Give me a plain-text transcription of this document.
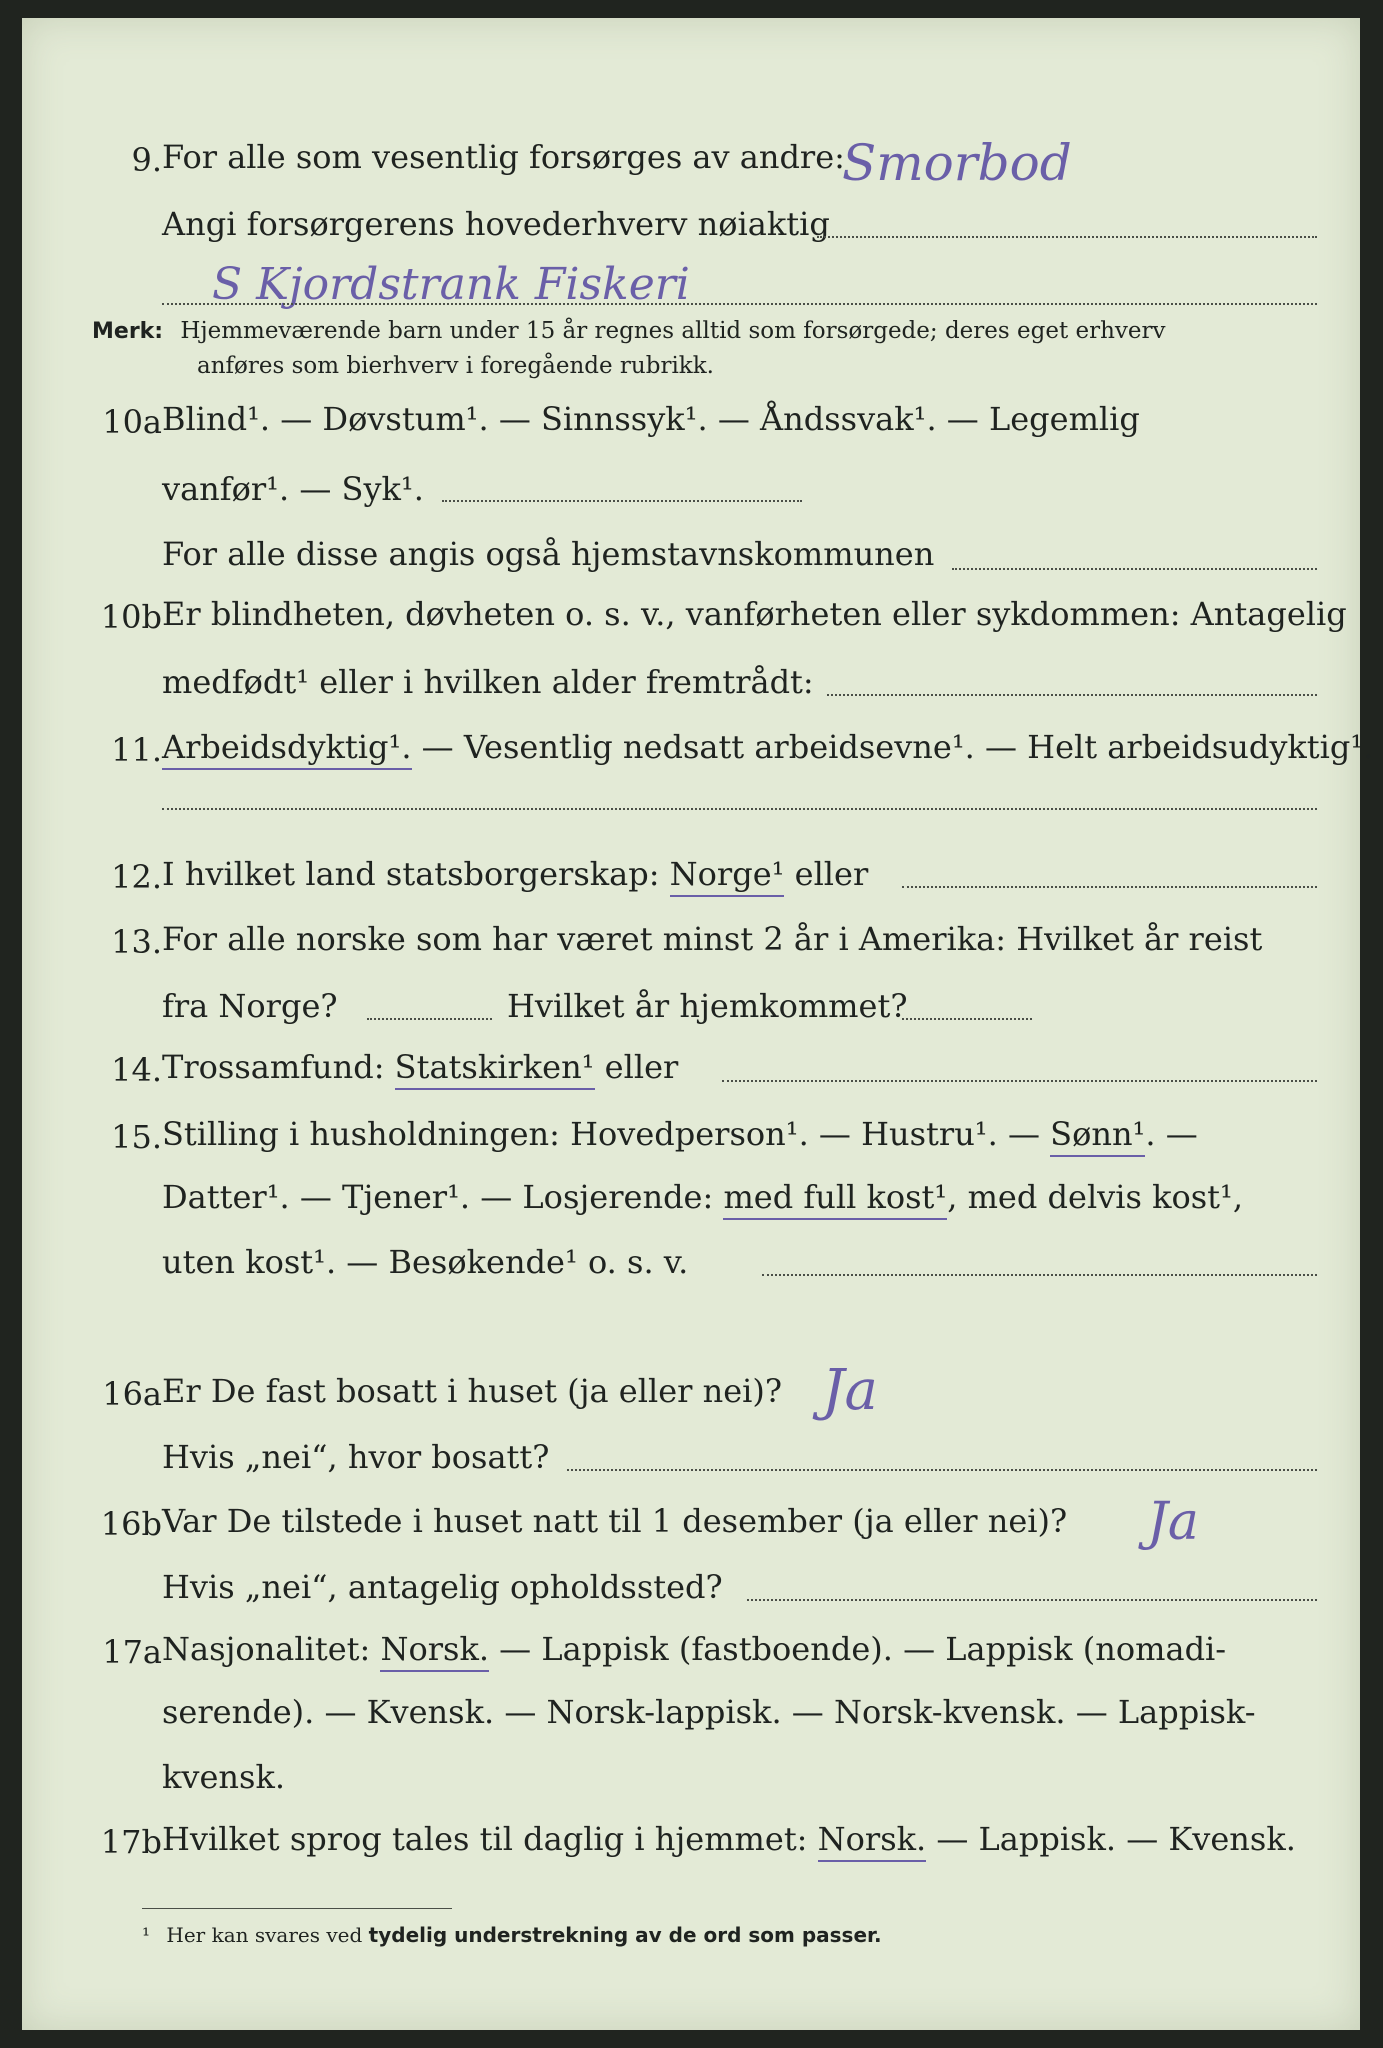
9. For alle som vesentlig forsørges av andre:
Smorbod
Angi forsørgerens hovederhverv nøiaktig
S Kjordstrank Fiskeri
Merk: Hjemmeværende barn under 15 år regnes alltid som forsørgede; deres eget erhverv
anføres som bierhverv i foregående rubrikk.
10a Blind¹. — Døvstum¹. — Sinnssyk¹. — Åndssvak¹. — Legemlig
vanfør¹. — Syk¹.
For alle disse angis også hjemstavnskommunen
10b Er blindheten, døvheten o. s. v., vanførheten eller sykdommen: Antagelig
medfødt¹ eller i hvilken alder fremtrådt:
11. Arbeidsdyktig¹. — Vesentlig nedsatt arbeidsevne¹. — Helt arbeidsudyktig¹.
12. I hvilket land statsborgerskap: Norge¹ eller
13. For alle norske som har været minst 2 år i Amerika: Hvilket år reist
fra Norge?	Hvilket år hjemkommet?
14. Trossamfund: Statskirken¹ eller
15. Stilling i husholdningen: Hovedperson¹. — Hustru¹. — Sønn¹. —
Datter¹. — Tjener¹. — Losjerende: med full kost¹, med delvis kost¹,
uten kost¹. — Besøkende¹ o. s. v.
16a Er De fast bosatt i huset (ja eller nei)? Ja
Hvis „nei“, hvor bosatt?
16b Var De tilstede i huset natt til 1 desember (ja eller nei)? Ja
Hvis „nei“, antagelig opholdssted?
17a Nasjonalitet: Norsk. — Lappisk (fastboende). — Lappisk (nomadi-
serende). — Kvensk. — Norsk-lappisk. — Norsk-kvensk. — Lappisk-
kvensk.
17b Hvilket sprog tales til daglig i hjemmet: Norsk. — Lappisk. — Kvensk.
¹ Her kan svares ved tydelig understrekning av de ord som passer.
